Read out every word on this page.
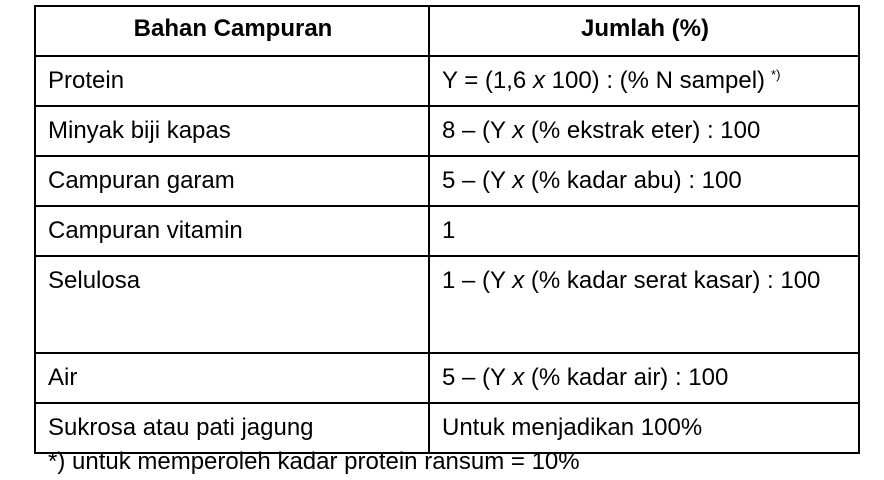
Bahan Campuran	Jumlah (%)
Protein	Y = (1,6 x 100) : (% N sampel) *)
Minyak biji kapas	8 – (Y x (% ekstrak eter) : 100
Campuran garam	5 – (Y x (% kadar abu) : 100
Campuran vitamin	1
Selulosa	1 – (Y x (% kadar serat kasar) : 100
Air	5 – (Y x (% kadar air) : 100
Sukrosa atau pati jagung	Untuk menjadikan 100%
*) untuk memperoleh kadar protein ransum = 10%
